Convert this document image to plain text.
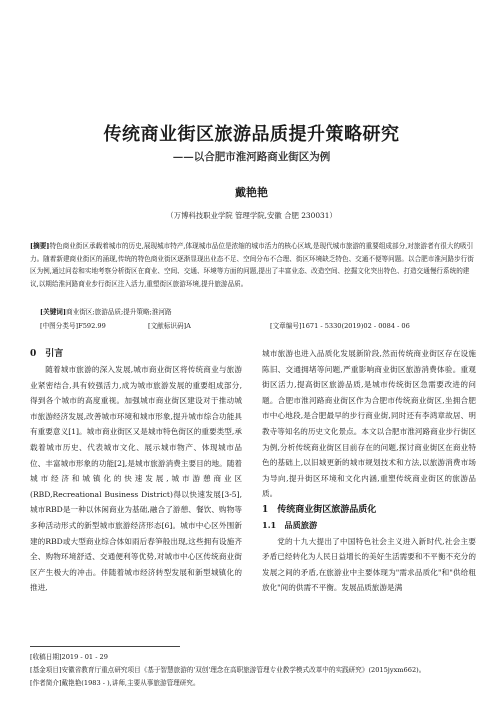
传统商业街区旅游品质提升策略研究
——以合肥市淮河路商业街区为例
戴艳艳
（万博科技职业学院 管理学院,安徽 合肥 230031）
[摘要]特色商业街区承载着城市的历史,展现城市特产,体现城市品位是浓缩的城市活力的核心区域,是现代城市旅游的重要组成部分,对旅游者有很大的吸引力。随着新建商业街区的涌现,传统的特色商业街区逐渐显现出业态不足、空间分布不合理、街区环境缺乏特色、交通不便等问题。以合肥市淮河路步行街区为例,通过问卷和实地考察分析街区在商业、空间、交通、环境等方面的问题,提出了丰富业态、改造空间、挖掘文化突出特色、打造交通慢行系统的建议,以期给淮河路商业步行街区注入活力,重塑街区旅游环境,提升旅游品质。
[关键词]商业街区;旅游品质;提升策略;淮河路
[中图分类号]F592.99	[文献标识码]A	[文章编号]1671 - 5330(2019)02 - 0084 - 06
0　引言

随着城市旅游的深入发展,城市商业街区将传统商业与旅游业紧密结合,具有较强活力,成为城市旅游发展的重要组成部分,得到各个城市的高度重视。加强城市商业街区建设对于推动城市旅游经济发展,改善城市环境和城市形象,提升城市综合功能具有重要意义[1]。城市商业街区又是城市特色街区的重要类型,承载着城市历史、代表城市文化、展示城市物产、体现城市品位、丰富城市形象的功能[2],是城市旅游消费主要目的地。随着城市经济和城镇化的快速发展,城市游憩商业区(RBD,Recreational Business District)得以快速发展[3-5],城市RBD是一种以休闲商业为基础,融合了游憩、餐饮、购物等多种活动形式的新型城市旅游经济形态[6]。城市中心区外围新建的RBD或大型商业综合体如雨后春笋般出现,这些拥有设施齐全、购物环境舒适、交通便利等优势,对城市中心区传统商业街区产生极大的冲击。伴随着城市经济转型发展和新型城镇化的推进,

城市旅游也进入品质化发展新阶段,然而传统商业街区存在设施陈旧、交通拥堵等问题,严重影响商业街区旅游消费体验。重观街区活力,提高街区旅游品质,是城市传统街区急需要改进的问题。合肥市淮河路商业街区作为合肥市传统商业街区,坐拥合肥市中心地段,是合肥最早的步行商业街,同时还有李鸿章故居、明教寺等知名的历史文化景点。本文以合肥市淮河路商业步行街区为例,分析传统商业街区目前存在的问题,探讨商业街区在商业特色的基础上,以旧城更新的城市规划技术和方法,以旅游消费市场为导向,提升街区环境和文化内涵,重塑传统商业街区的旅游品质。

1　传统商业街区旅游品质化
1.1　品质旅游

党的十九大提出了中国特色社会主义进入新时代,社会主要矛盾已经转化为人民日益增长的美好生活需要和不平衡不充分的发展之间的矛盾,在旅游业中主要体现为"需求品质化"和"供给粗放化"间的供需不平衡。发展品质旅游是满

[收稿日期]2019 - 01 - 29
[基金项目]安徽省教育厅重点研究项目《基于智慧旅游的'双创'理念在高职旅游管理专业教学模式改革中的实践研究》(2015jyxm662)。
[作者简介]戴艳艳(1983 - ),讲师,主要从事旅游管理研究。
